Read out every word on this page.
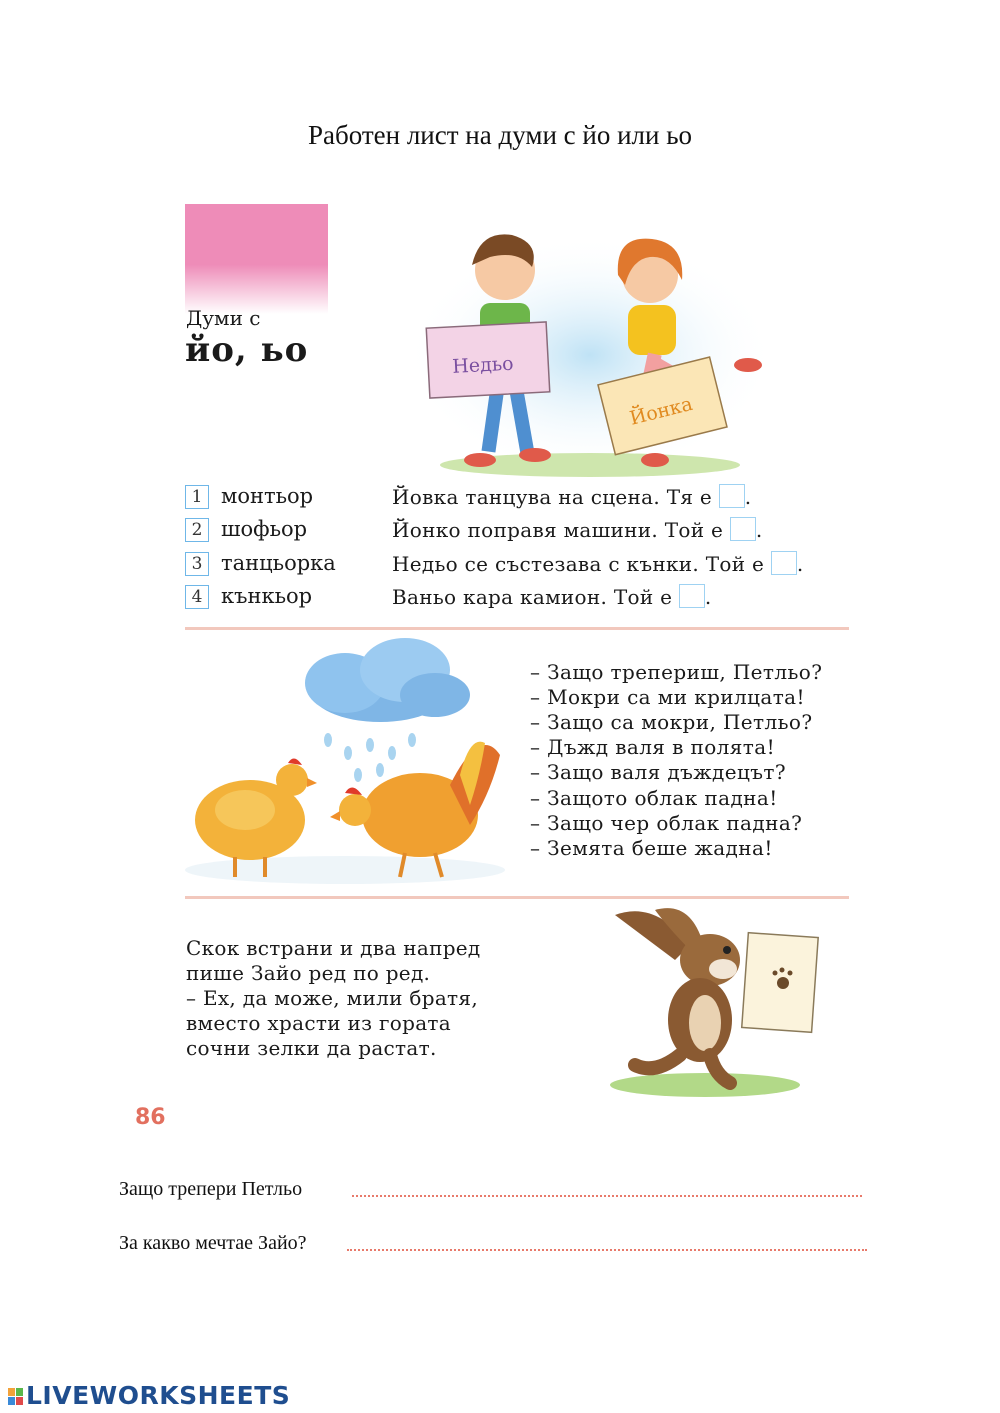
Работен лист на думи с йо или ьо
Думи с
йо, ьо	Недьо
Йонка
1 монтьор
2 шофьор
3 танцьорка
4 кънкьор
Йовка танцува на сцена. Тя е .
Йонко поправя машини. Той е .
Недьо се състезава с кънки. Той е .
Ваньо кара камион. Той е .
– Защо трепериш, Петльо?
– Мокри са ми крилцата!
– Защо са мокри, Петльо?
– Дъжд валя в полята!
– Защо валя дъждецът?
– Защото облак падна!
– Защо чер облак падна?
– Земята беше жадна!
Скок встрани и два напред
пише Зайо ред по ред.
– Ех, да може, мили братя,
вместо храсти из гората
сочни зелки да растат.
86
Защо трепери Петльо
За какво мечтае Зайо?
LIVEWORKSHEETS
